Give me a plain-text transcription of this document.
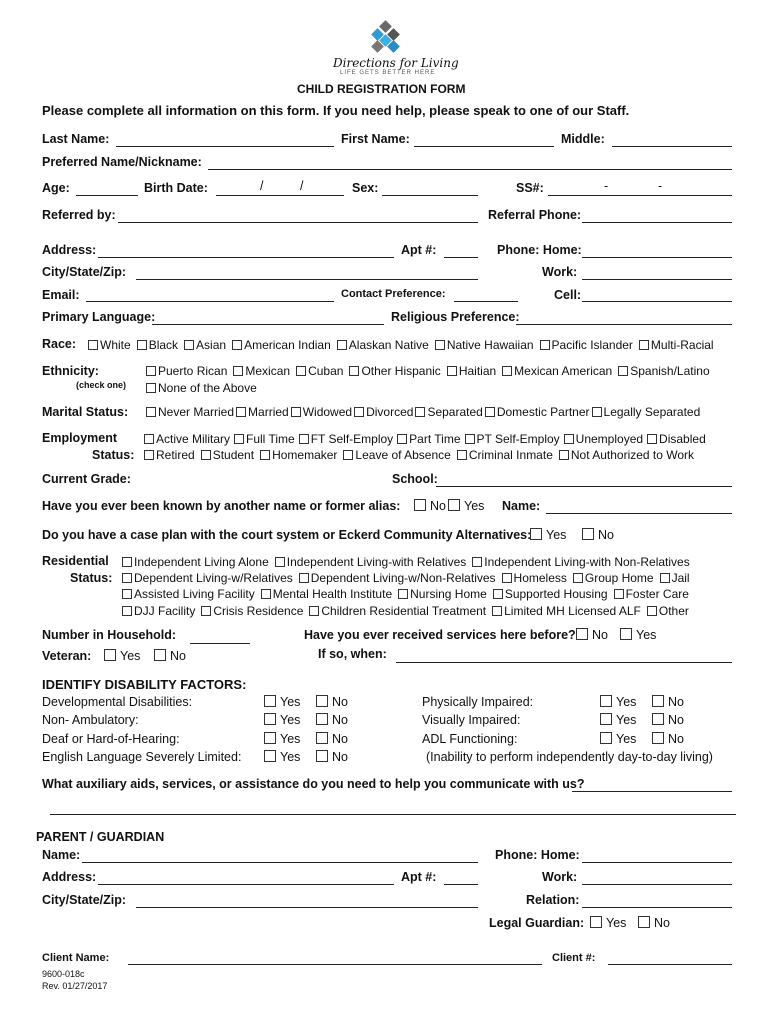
Directions for Living
LIFE GETS BETTER HERE
CHILD REGISTRATION FORM
Please complete all information on this form. If you need help, please speak to one of our Staff.
Last Name:	First Name:	Middle:
Preferred Name/Nickname:
Age:	Birth Date:	/	/	Sex:	SS#:	-	-
Referred by:	Referral Phone:
Address:	Apt #:	Phone: Home:
City/State/Zip:	Work:
Email:	Contact Preference:	Cell:
Primary Language:	Religious Preference:
Race:	White Black Asian American Indian Alaskan Native Native Hawaiian Pacific Islander Multi-Racial
Ethnicity:
(check one)
Puerto Rican Mexican Cuban Other Hispanic Haitian Mexican American Spanish/Latino
None of the Above
Marital Status:	Never Married Married Widowed Divorced Separated Domestic Partner Legally Separated
Employment
Status:
Active Military Full Time FT Self-Employ Part Time PT Self-Employ Unemployed Disabled
Retired Student Homemaker Leave of Absence Criminal Inmate Not Authorized to Work
Current Grade:	School:
Have you ever been known by another name or former alias:	No	Yes Name:
Do you have a case plan with the court system or Eckerd Community Alternatives:	Yes	No
Residential
Status:
Independent Living Alone Independent Living-with Relatives Independent Living-with Non-Relatives
Dependent Living-w/Relatives Dependent Living-w/Non-Relatives Homeless Group Home Jail
Assisted Living Facility Mental Health Institute Nursing Home Supported Housing Foster Care
DJJ Facility Crisis Residence Children Residential Treatment Limited MH Licensed ALF Other
Number in Household:	Have you ever received services here before?	No	Yes
Veteran:	Yes	No	If so, when:
IDENTIFY DISABILITY FACTORS:
Developmental Disabilities:	Yes	No
Non- Ambulatory:	Yes	No
Deaf or Hard-of-Hearing:	Yes	No
English Language Severely Limited:	Yes	No
Physically Impaired:	Yes	No
Visually Impaired:	Yes	No
ADL Functioning:	Yes	No
(Inability to perform independently day-to-day living)
What auxiliary aids, services, or assistance do you need to help you communicate with us?
PARENT / GUARDIAN
Name:	Phone: Home:
Address:	Apt #:	Work:
City/State/Zip:	Relation:
Legal Guardian:	Yes	No
Client Name:	Client #:
9600-018c
Rev. 01/27/2017
